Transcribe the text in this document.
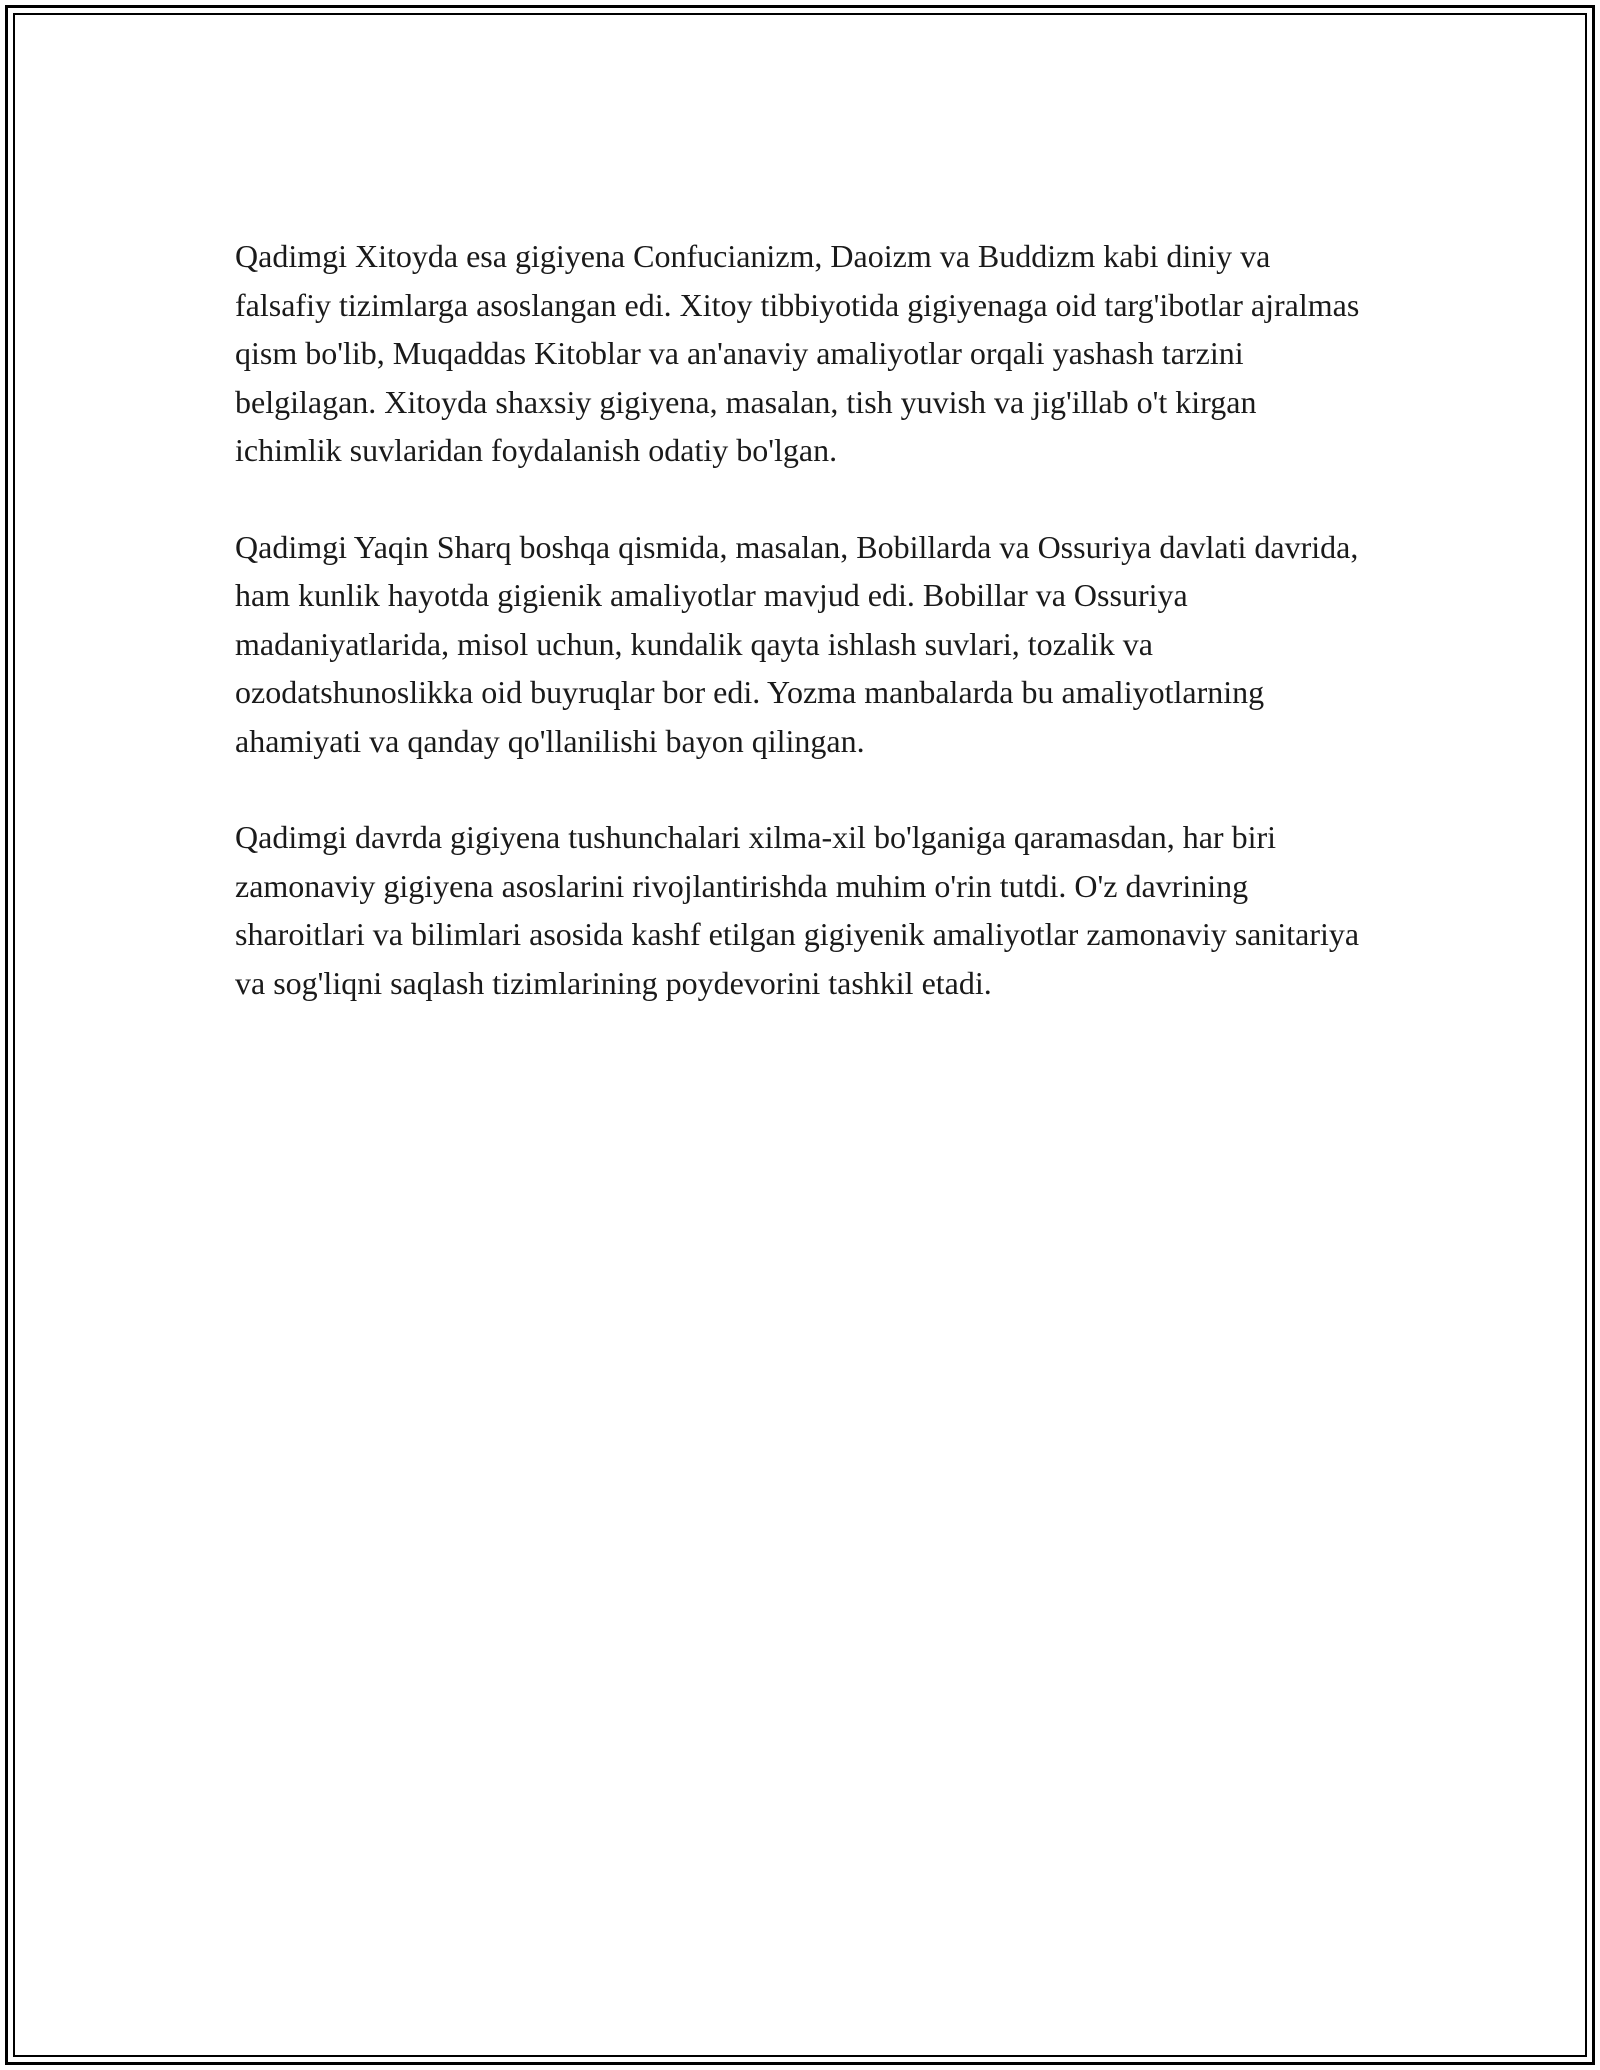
Qadimgi Xitoyda esa gigiyena Confucianizm, Daoizm va Buddizm kabi diniy va falsafiy tizimlarga asoslangan edi. Xitoy tibbiyotida gigiyenaga oid targ'ibotlar ajralmas qism bo'lib, Muqaddas Kitoblar va an'anaviy amaliyotlar orqali yashash tarzini belgilagan. Xitoyda shaxsiy gigiyena, masalan, tish yuvish va jig'illab o't kirgan ichimlik suvlaridan foydalanish odatiy bo'lgan.

Qadimgi Yaqin Sharq boshqa qismida, masalan, Bobillarda va Ossuriya davlati davrida, ham kunlik hayotda gigienik amaliyotlar mavjud edi. Bobillar va Ossuriya madaniyatlarida, misol uchun, kundalik qayta ishlash suvlari, tozalik va ozodatshunoslikka oid buyruqlar bor edi. Yozma manbalarda bu amaliyotlarning ahamiyati va qanday qo'llanilishi bayon qilingan.

Qadimgi davrda gigiyena tushunchalari xilma-xil bo'lganiga qaramasdan, har biri zamonaviy gigiyena asoslarini rivojlantirishda muhim o'rin tutdi. O'z davrining sharoitlari va bilimlari asosida kashf etilgan gigiyenik amaliyotlar zamonaviy sanitariya va sog'liqni saqlash tizimlarining poydevorini tashkil etadi.
